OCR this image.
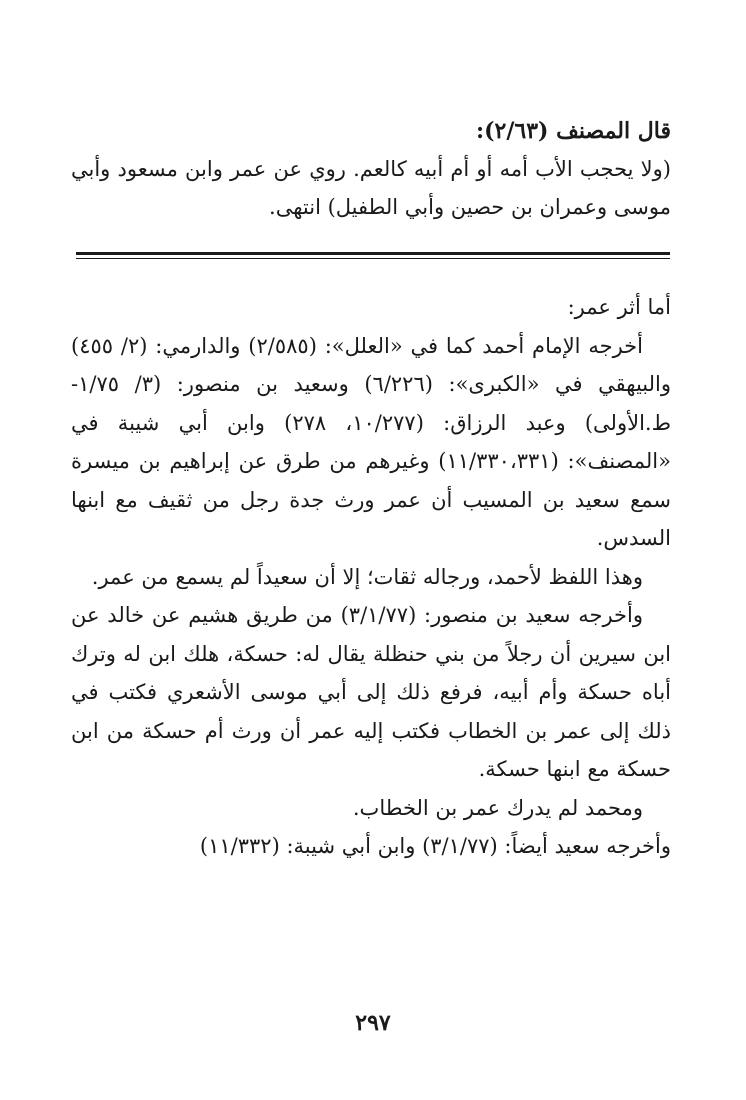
قال المصنف (٢/٦٣):
(ولا يحجب الأب أمه أو أم أبيه كالعم. روي عن عمر وابن مسعود وأبي موسى وعمران بن حصين وأبي الطفيل) انتهى.

أما أثر عمر:

أخرجه الإمام أحمد كما في «العلل»: (٢/٥٨٥) والدارمي: (٢/ ٤٥٥) والبيهقي في «الكبرى»: (٦/٢٢٦) وسعيد بن منصور: (٣/ ١/٧٥-ط.الأولى) وعبد الرزاق: (١٠/٢٧٧، ٢٧٨) وابن أبي شيبة في «المصنف»: (١١/٣٣٠،٣٣١) وغيرهم من طرق عن إبراهيم بن ميسرة سمع سعيد بن المسيب أن عمر ورث جدة رجل من ثقيف مع ابنها السدس.

وهذا اللفظ لأحمد، ورجاله ثقات؛ إلا أن سعيداً لم يسمع من عمر.

وأخرجه سعيد بن منصور: (٣/١/٧٧) من طريق هشيم عن خالد عن ابن سيرين أن رجلاً من بني حنظلة يقال له: حسكة، هلك ابن له وترك أباه حسكة وأم أبيه، فرفع ذلك إلى أبي موسى الأشعري فكتب في ذلك إلى عمر بن الخطاب فكتب إليه عمر أن ورث أم حسكة من ابن حسكة مع ابنها حسكة.

ومحمد لم يدرك عمر بن الخطاب.

وأخرجه سعيد أيضاً: (٣/١/٧٧) وابن أبي شيبة: (١١/٣٣٢)

٢٩٧
